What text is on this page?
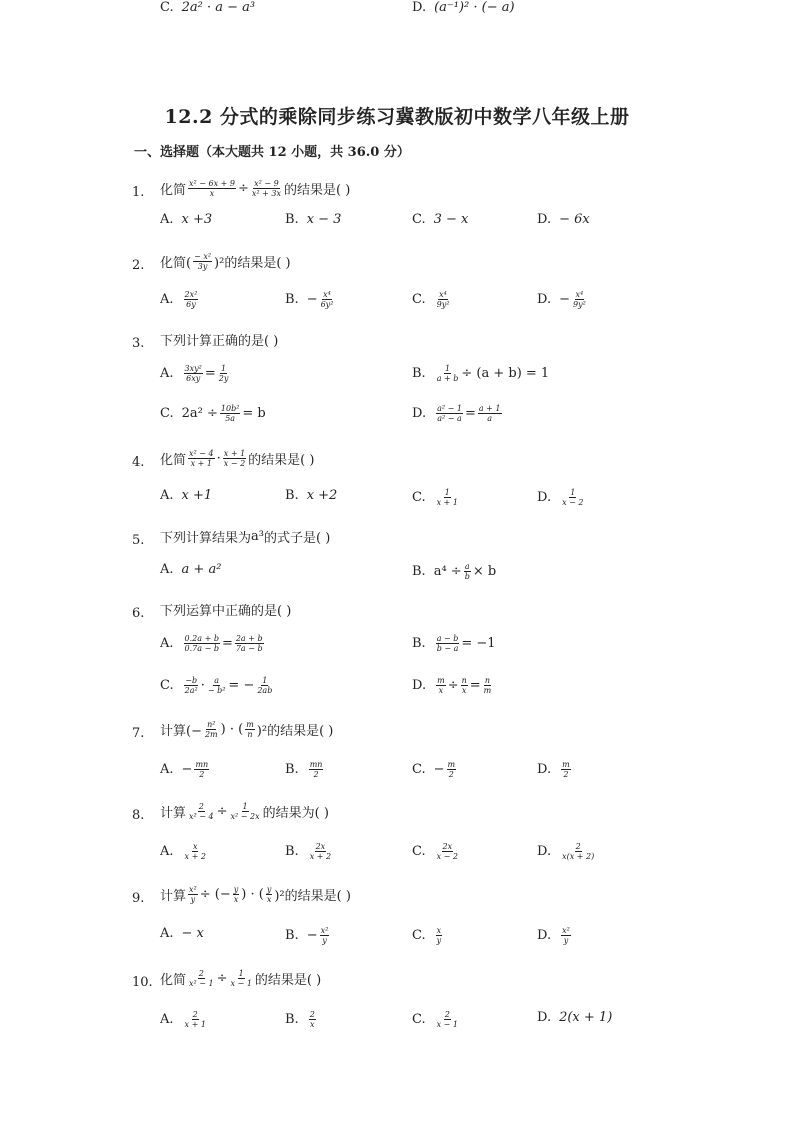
12.2 分式的乘除同步练习冀教版初中数学八年级上册
一、选择题（本大题共 12 小题，共 36.0 分）
1. 化简 $\frac{\text{x² − 6x + 9}}{x} \div \frac{\text{x² − 9}}{\text{x² + 3x}}$ 的结果是( )
A. x +3	B. x − 3	C. 3 − x	D. − 6x
2. 化简( $\frac{\text{− x²}}{3y} )^2$的结果是( )
A. $\frac{\text{2x²}}{6y}$	B. − $\frac{\text{x⁴}}{\text{6y²}}$	C. $\frac{\text{x⁴}}{\text{9y²}}$	D. − $\frac{\text{x⁴}}{\text{9y²}}$
3. 下列计算正确的是( )
A. $\frac{\text{3xy²}}{6xy} = \frac{1}{2y}$	B. $\frac{1}{a + b} \div (a + b) = 1$
C. $2a^2 \div \frac{\text{10b²}}{5a} = b$	D. $\frac{\text{a² − 1}}{\text{a² − a}} = \frac{a + 1}{a}$
4. 化简 $\frac{\text{x² − 4}}{x + 1} \cdot \frac{x + 1}{x - 2}$ 的结果是( )
A. x +1	B. x +2	C. $\frac{1}{x + 1}$	D. $\frac{1}{x - 2}$
5. 下列计算结果为 a³ 的式子是( )
A. a + a²	B. $a^4 \div \frac{a}{b} \times b$
C. 2a² · a − a³	D. (a⁻¹)² · (− a)
6. 下列运算中正确的是( )
A. $\frac{0.2a + b}{0.7a - b} = \frac{2a + b}{7a - b}$	B. $\frac{a - b}{b - a} = -1$
C. $\frac{-b}{\text{2a²}} \cdot \frac{a}{\text{− b²}}$ = − $\frac{1}{2ab}$	D. $\frac{m}{x} \div \frac{n}{x} = \frac{n}{m}$
7. 计算(− $\frac{\text{n²}}{2m}$ ) · ( $\frac{m}{n} )^2$的结果是( )
A. − $\frac{mn}{2}$	B. $\frac{mn}{2}$	C. − $\frac{m}{2}$	D. $\frac{m}{2}$
8. 计算 $\frac{2}{\text{x² − 4}} \div \frac{1}{\text{x² − 2x}}$ 的结果为( )
A. $\frac{x}{x + 2}$	B. $\frac{2x}{x + 2}$	C. $\frac{2x}{x - 2}$	D. $\frac{2}{x(x + 2)}$
9. 计算 $\frac{\text{x²}}{y}$ ÷ (− $\frac{y}{x}$ ) · ( $\frac{y}{x} )^2$的结果是( )
A. − x	B. − $\frac{\text{x²}}{y}$	C. $\frac{x}{y}$	D. $\frac{\text{x²}}{y}$
10. 化简 $\frac{2}{\text{x² − 1}} \div \frac{1}{x - 1}$ 的结果是( )
A. $\frac{2}{x + 1}$	B. $\frac{2}{x}$	C. $\frac{2}{x - 1}$	D. 2(x + 1)
